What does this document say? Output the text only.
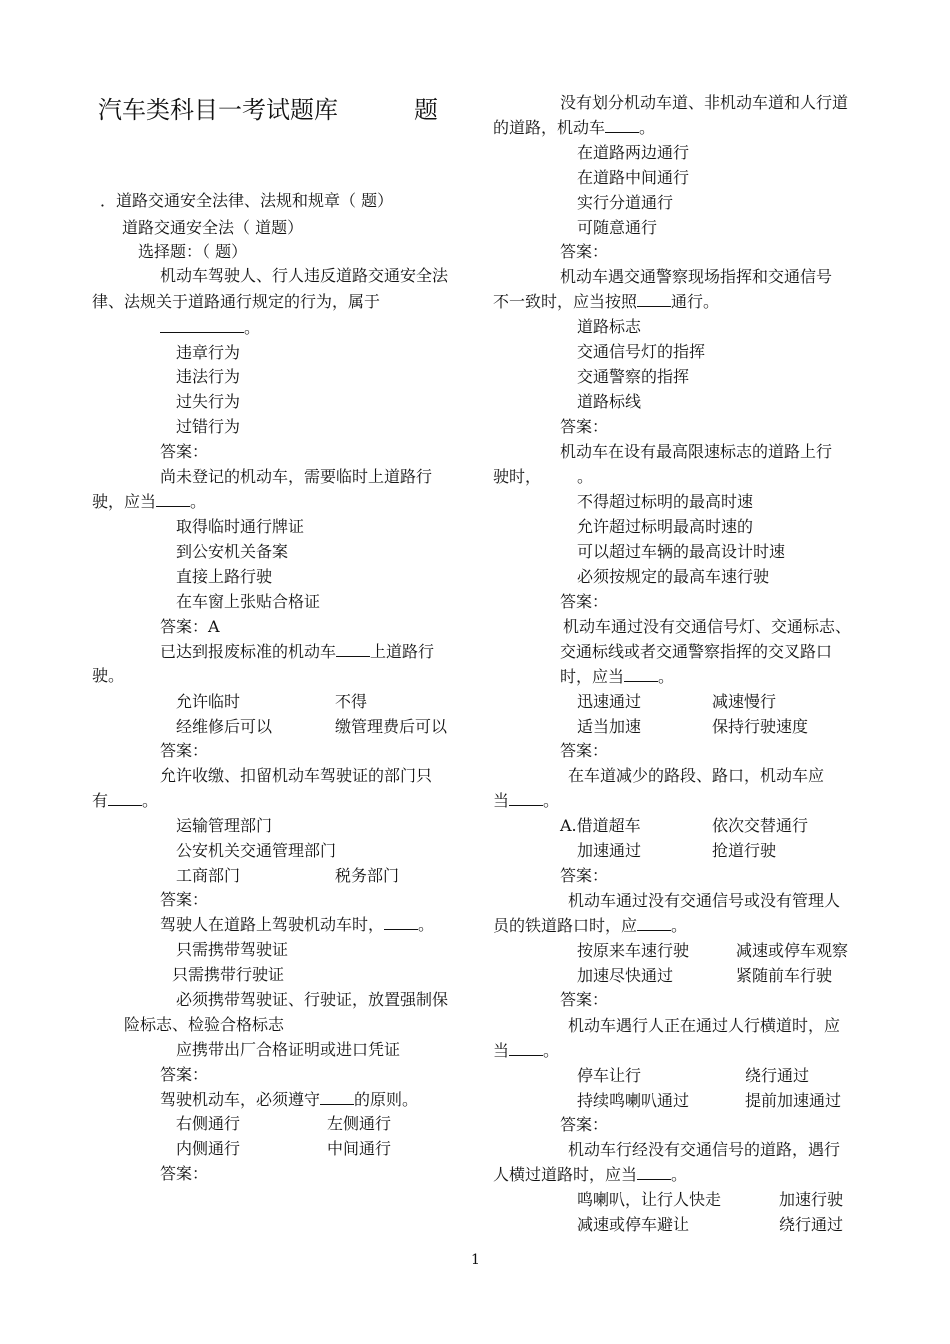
汽车类科目一考试题库	题
．道路交通安全法律、法规和规章（ 题）
道路交通安全法（ 道题）
选择题：（ 题）
机动车驾驶人、行人违反道路交通安全法
律、法规关于道路通行规定的行为，属于
。
违章行为
违法行为
过失行为
过错行为
答案：
尚未登记的机动车，需要临时上道路行
驶，应当 。
取得临时通行牌证
到公安机关备案
直接上路行驶
在车窗上张贴合格证
答案：A
已达到报废标准的机动车 上道路行
驶。
允许临时	不得
经维修后可以	缴管理费后可以
答案：
允许收缴、扣留机动车驾驶证的部门只
有 。
运输管理部门
公安机关交通管理部门
工商部门	税务部门
答案：
驾驶人在道路上驾驶机动车时， 。
只需携带驾驶证
只需携带行驶证
必须携带驾驶证、行驶证，放置强制保
险标志、检验合格标志
应携带出厂合格证明或进口凭证
答案：
驾驶机动车，必须遵守 的原则。
右侧通行	左侧通行
内侧通行	中间通行
答案：
没有划分机动车道、非机动车道和人行道
的道路，机动车 。
在道路两边通行
在道路中间通行
实行分道通行
可随意通行
答案：
机动车遇交通警察现场指挥和交通信号
不一致时，应当按照 通行。
道路标志
交通信号灯的指挥
交通警察的指挥
道路标线
答案：
机动车在设有最高限速标志的道路上行
驶时， 。
不得超过标明的最高时速
允许超过标明最高时速的
可以超过车辆的最高设计时速
必须按规定的最高车速行驶
答案：
机动车通过没有交通信号灯、交通标志、
交通标线或者交通警察指挥的交叉路口
时，应当 。
迅速通过	减速慢行
适当加速	保持行驶速度
答案：
在车道减少的路段、路口，机动车应
当 。
A.借道超车	依次交替通行
加速通过	抢道行驶
答案：
机动车通过没有交通信号或没有管理人
员的铁道路口时，应 。
按原来车速行驶	减速或停车观察
加速尽快通过	紧随前车行驶
答案：
机动车遇行人正在通过人行横道时，应
当 。
停车让行	绕行通过
持续鸣喇叭通过	提前加速通过
答案：
机动车行经没有交通信号的道路，遇行
人横过道路时，应当 。
鸣喇叭，让行人快走	加速行驶
减速或停车避让	绕行通过
1
